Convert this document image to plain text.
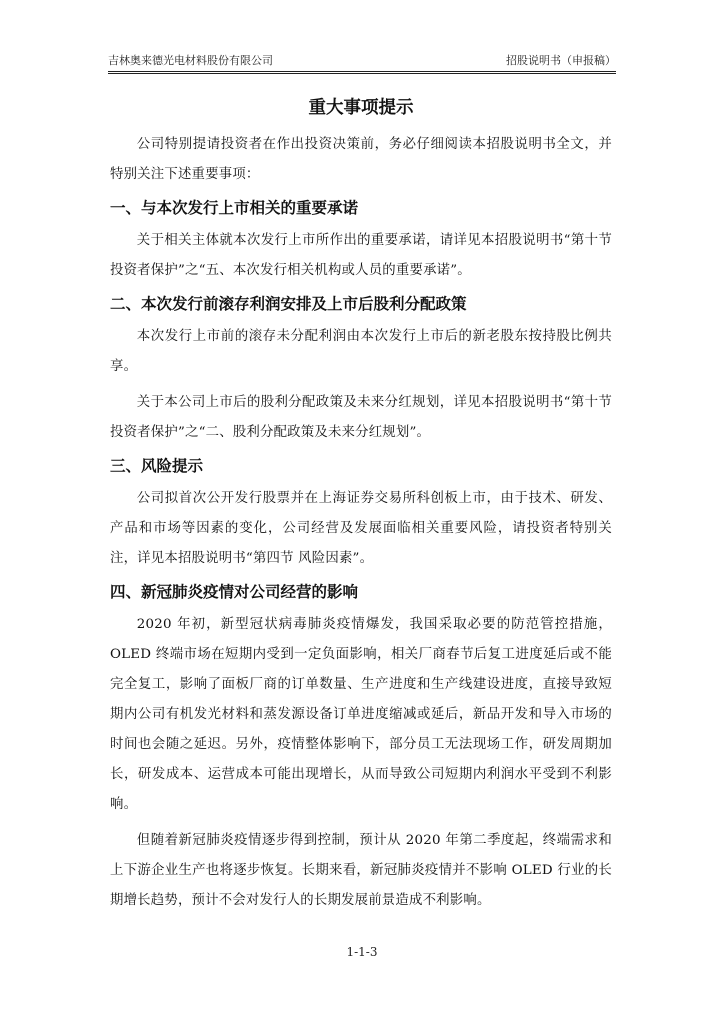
吉林奥来德光电材料股份有限公司	招股说明书（申报稿）
重大事项提示

公司特别提请投资者在作出投资决策前，务必仔细阅读本招股说明书全文，并特别关注下述重要事项：

一、与本次发行上市相关的重要承诺

关于相关主体就本次发行上市所作出的重要承诺，请详见本招股说明书“第十节 投资者保护”之“五、本次发行相关机构或人员的重要承诺”。

二、本次发行前滚存利润安排及上市后股利分配政策

本次发行上市前的滚存未分配利润由本次发行上市后的新老股东按持股比例共享。

关于本公司上市后的股利分配政策及未来分红规划，详见本招股说明书“第十节 投资者保护”之“二、股利分配政策及未来分红规划”。

三、风险提示

公司拟首次公开发行股票并在上海证券交易所科创板上市，由于技术、研发、产品和市场等因素的变化，公司经营及发展面临相关重要风险，请投资者特别关注，详见本招股说明书“第四节 风险因素”。

四、新冠肺炎疫情对公司经营的影响

2020 年初，新型冠状病毒肺炎疫情爆发，我国采取必要的防范管控措施，OLED 终端市场在短期内受到一定负面影响，相关厂商春节后复工进度延后或不能完全复工，影响了面板厂商的订单数量、生产进度和生产线建设进度，直接导致短期内公司有机发光材料和蒸发源设备订单进度缩减或延后，新品开发和导入市场的时间也会随之延迟。另外，疫情整体影响下，部分员工无法现场工作，研发周期加长，研发成本、运营成本可能出现增长，从而导致公司短期内利润水平受到不利影响。

但随着新冠肺炎疫情逐步得到控制，预计从 2020 年第二季度起，终端需求和上下游企业生产也将逐步恢复。长期来看，新冠肺炎疫情并不影响 OLED 行业的长期增长趋势，预计不会对发行人的长期发展前景造成不利影响。

1-1-3
